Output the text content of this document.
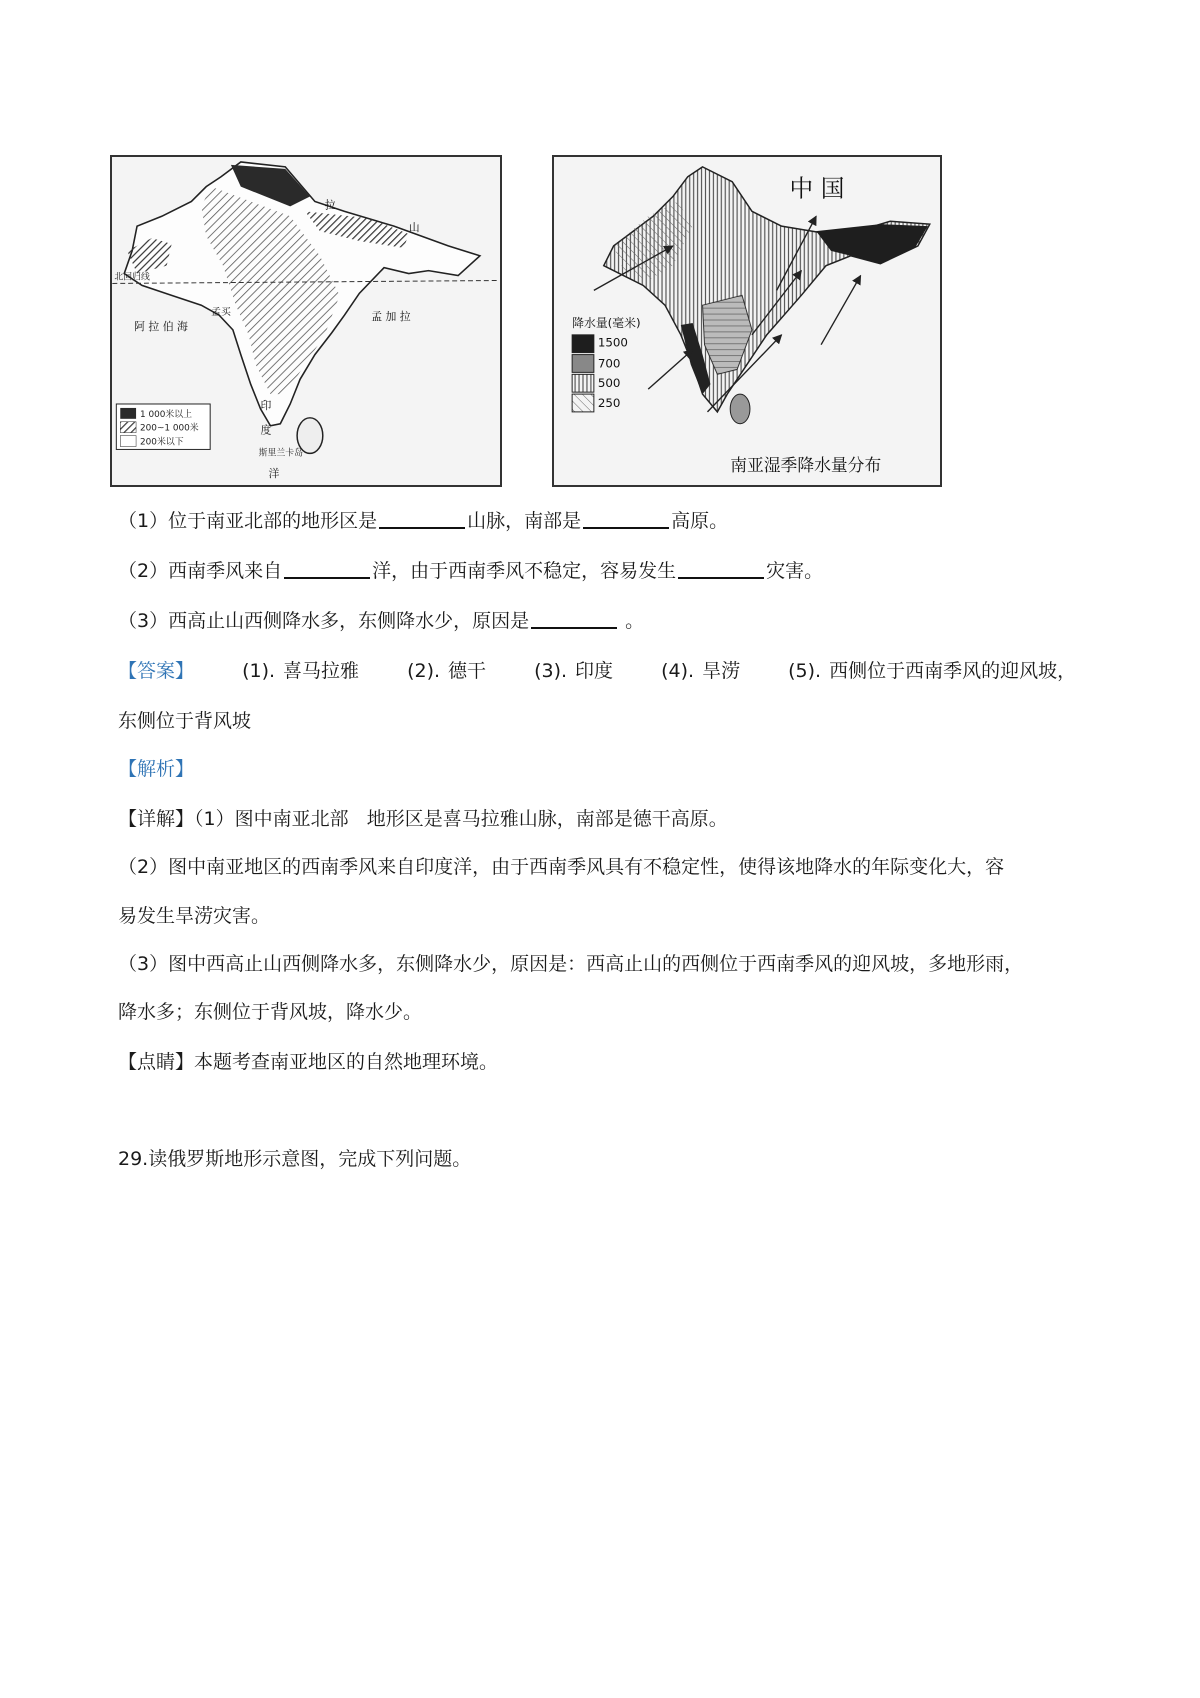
拉
山
北回归线
孟买
阿 拉 伯 海
孟 加 拉
印
度
斯里兰卡岛
洋
1 000米以上
200~1 000米
200米以下
中 国
降水量(毫米)
1500
700
500
250
南亚湿季降水量分布
（1）位于南亚北部的地形区是	山脉，南部是	高原。
（2）西南季风来自	洋，由于西南季风不稳定，容易发生	灾害。
（3）西高止山西侧降水多，东侧降水少，原因是	。
【答案】	(1). 喜马拉雅	(2). 德干	(3). 印度	(4). 旱涝	(5). 西侧位于西南季风的迎风坡，
东侧位于背风坡
【解析】
【详解】（1）图中南亚北部   地形区是喜马拉雅山脉，南部是德干高原。
（2）图中南亚地区的西南季风来自印度洋，由于西南季风具有不稳定性，使得该地降水的年际变化大，容
易发生旱涝灾害。
（3）图中西高止山西侧降水多，东侧降水少，原因是：西高止山的西侧位于西南季风的迎风坡，多地形雨，
降水多；东侧位于背风坡，降水少。
【点睛】本题考查南亚地区的自然地理环境。
29.读俄罗斯地形示意图，完成下列问题。
